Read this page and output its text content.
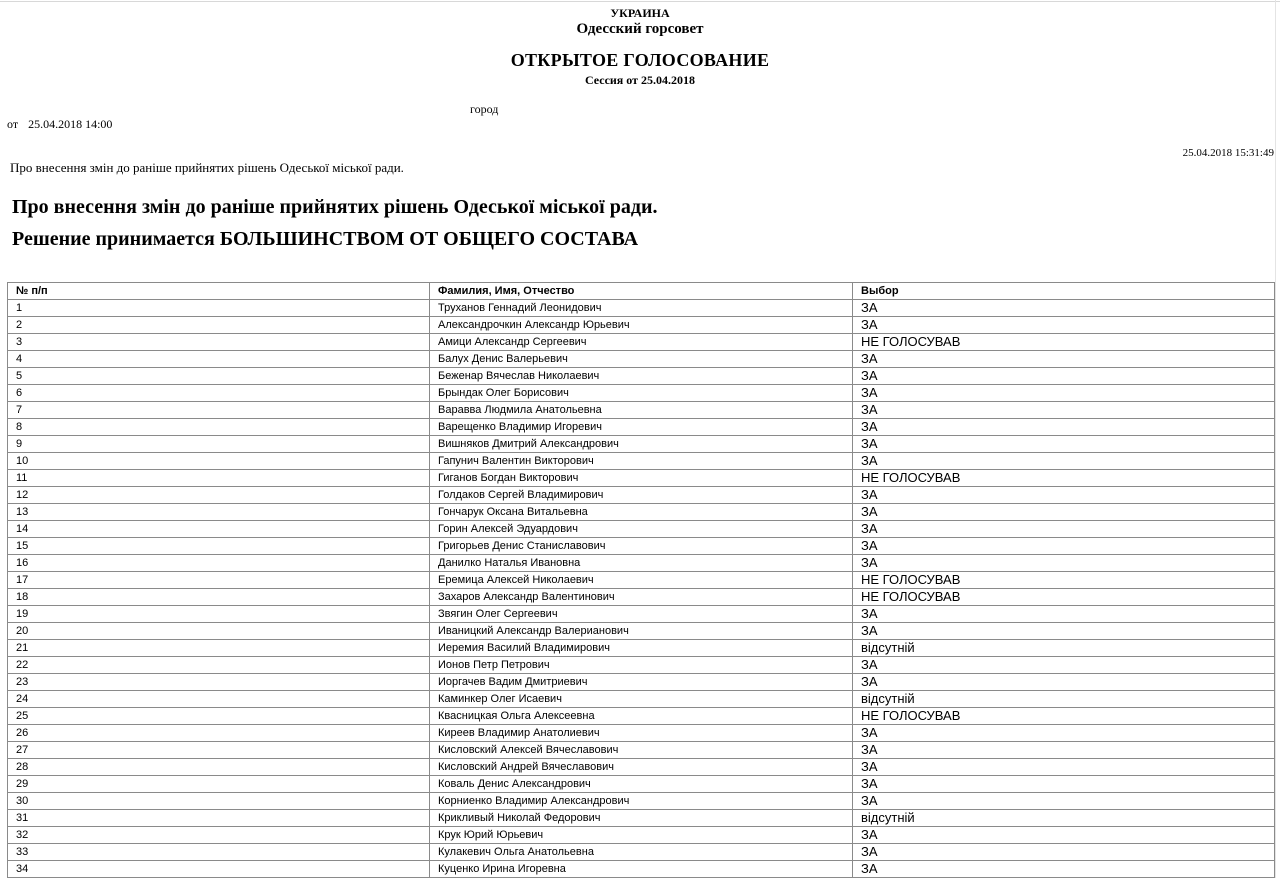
УКРАИНА
Одесский горсовет
ОТКРЫТОЕ ГОЛОСОВАНИЕ
Сессия от 25.04.2018
город
от 25.04.2018 14:00
25.04.2018 15:31:49
Про внесення змін до раніше прийнятих рішень Одеської міської ради.
Про внесення змін до раніше прийнятих рішень Одеської міської ради.
Решение принимается БОЛЬШИНСТВОМ ОТ ОБЩЕГО СОСТАВА
№ п/п	Фамилия, Имя, Отчество	Выбор
1	Труханов Геннадий Леонидович	ЗА
2	Александрочкин Александр Юрьевич	ЗА
3	Амици Александр Сергеевич	НЕ ГОЛОСУВАВ
4	Балух Денис Валерьевич	ЗА
5	Беженар Вячеслав Николаевич	ЗА
6	Брындак Олег Борисович	ЗА
7	Варавва Людмила Анатольевна	ЗА
8	Варещенко Владимир Игоревич	ЗА
9	Вишняков Дмитрий Александрович	ЗА
10	Гапунич Валентин Викторович	ЗА
11	Гиганов Богдан Викторович	НЕ ГОЛОСУВАВ
12	Голдаков Сергей Владимирович	ЗА
13	Гончарук Оксана Витальевна	ЗА
14	Горин Алексей Эдуардович	ЗА
15	Григорьев Денис Станиславович	ЗА
16	Данилко Наталья Ивановна	ЗА
17	Еремица Алексей Николаевич	НЕ ГОЛОСУВАВ
18	Захаров Александр Валентинович	НЕ ГОЛОСУВАВ
19	Звягин Олег Сергеевич	ЗА
20	Иваницкий Александр Валерианович	ЗА
21	Иеремия Василий Владимирович	відсутній
22	Ионов Петр Петрович	ЗА
23	Иоргачев Вадим Дмитриевич	ЗА
24	Каминкер Олег Исаевич	відсутній
25	Квасницкая Ольга Алексеевна	НЕ ГОЛОСУВАВ
26	Киреев Владимир Анатолиевич	ЗА
27	Кисловский Алексей Вячеславович	ЗА
28	Кисловский Андрей Вячеславович	ЗА
29	Коваль Денис Александрович	ЗА
30	Корниенко Владимир Александрович	ЗА
31	Крикливый Николай Федорович	відсутній
32	Крук Юрий Юрьевич	ЗА
33	Кулакевич Ольга Анатольевна	ЗА
34	Куценко Ирина Игоревна	ЗА
